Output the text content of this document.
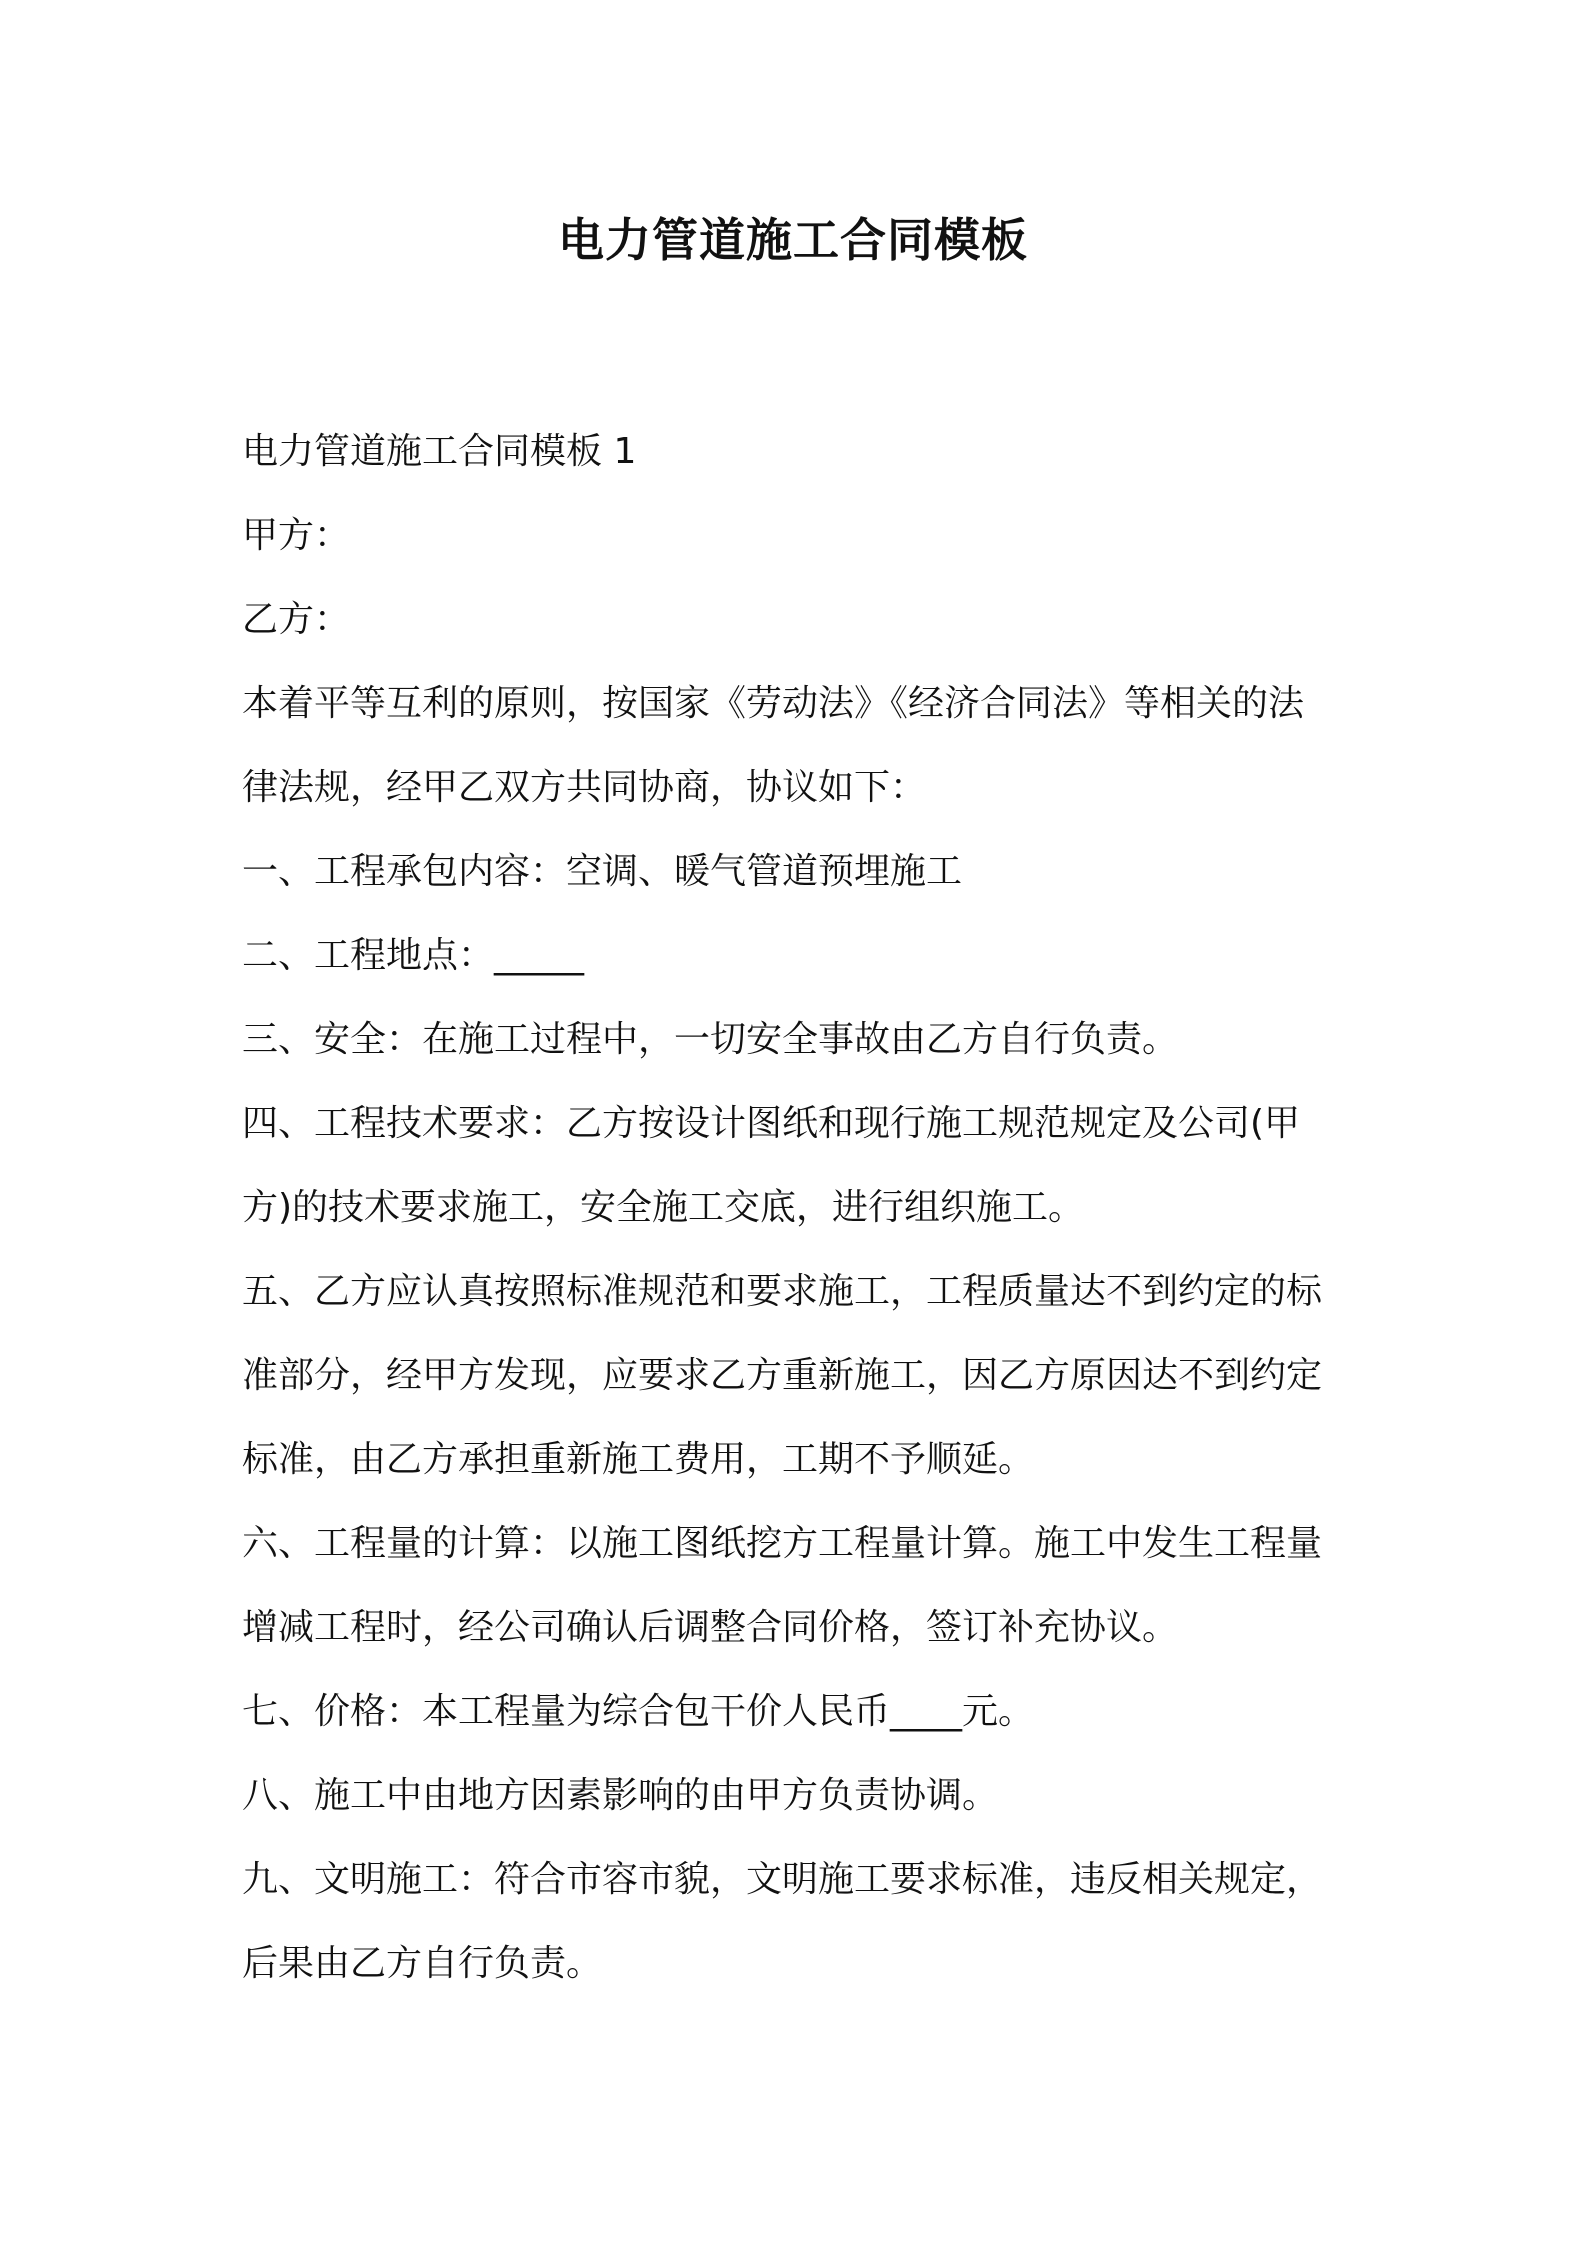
电力管道施工合同模板
电力管道施工合同模板 1
甲方：
乙方：
本着平等互利的原则，按国家《劳动法》《经济合同法》等相关的法
律法规，经甲乙双方共同协商，协议如下：
一、工程承包内容：空调、暖气管道预埋施工
二、工程地点：_____
三、安全：在施工过程中，一切安全事故由乙方自行负责。
四、工程技术要求：乙方按设计图纸和现行施工规范规定及公司(甲
方)的技术要求施工，安全施工交底，进行组织施工。
五、乙方应认真按照标准规范和要求施工，工程质量达不到约定的标
准部分，经甲方发现，应要求乙方重新施工，因乙方原因达不到约定
标准，由乙方承担重新施工费用，工期不予顺延。
六、工程量的计算：以施工图纸挖方工程量计算。施工中发生工程量
增减工程时，经公司确认后调整合同价格，签订补充协议。
七、价格：本工程量为综合包干价人民币____元。
八、施工中由地方因素影响的由甲方负责协调。
九、文明施工：符合市容市貌，文明施工要求标准，违反相关规定，
后果由乙方自行负责。
